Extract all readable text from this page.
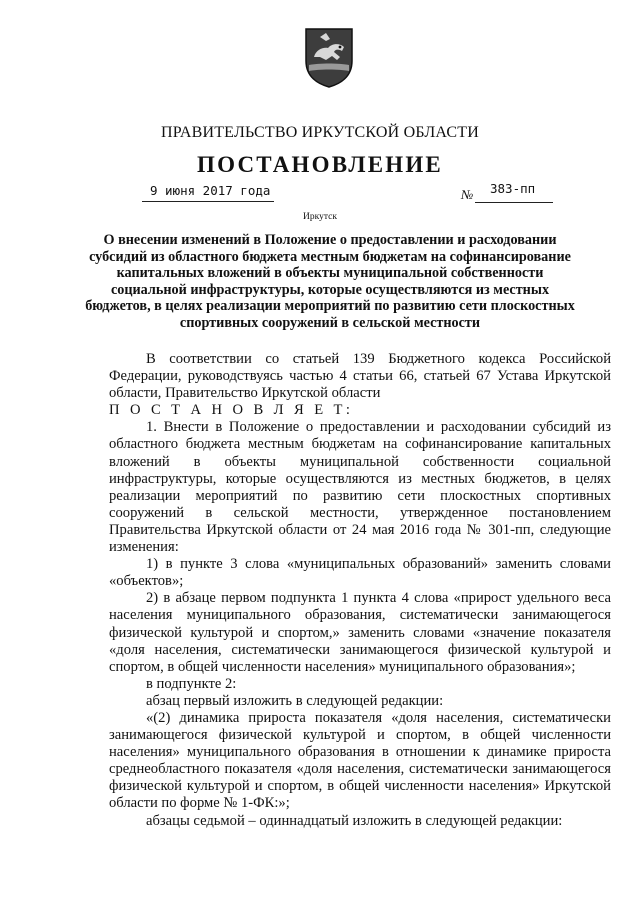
ПРАВИТЕЛЬСТВО ИРКУТСКОЙ ОБЛАСТИ
ПОСТАНОВЛЕНИЕ
9 июня 2017 года	№ 383-пп
Иркутск

О внесении изменений в Положение о предоставлении и расходовании субсидий из областного бюджета местным бюджетам на софинансирование капитальных вложений в объекты муниципальной собственности социальной инфраструктуры, которые осуществляются из местных бюджетов, в целях реализации мероприятий по развитию сети плоскостных спортивных сооружений в сельской местности

В соответствии со статьей 139 Бюджетного кодекса Российской Федерации, руководствуясь частью 4 статьи 66, статьей 67 Устава Иркутской области, Правительство Иркутской области

П О С Т А Н О В Л Я Е Т:

1. Внести в Положение о предоставлении и расходовании субсидий из областного бюджета местным бюджетам на софинансирование капитальных вложений в объекты муниципальной собственности социальной инфраструктуры, которые осуществляются из местных бюджетов, в целях реализации мероприятий по развитию сети плоскостных спортивных сооружений в сельской местности, утвержденное постановлением Правительства Иркутской области от 24 мая 2016 года № 301-пп, следующие изменения:

1) в пункте 3 слова «муниципальных образований» заменить словами «объектов»;

2) в абзаце первом подпункта 1 пункта 4 слова «прирост удельного веса населения муниципального образования, систематически занимающегося физической культурой и спортом,» заменить словами «значение показателя «доля населения, систематически занимающегося физической культурой и спортом, в общей численности населения» муниципального образования»;

в подпункте 2:

абзац первый изложить в следующей редакции:

«(2) динамика прироста показателя «доля населения, систематически занимающегося физической культурой и спортом, в общей численности населения» муниципального образования в отношении к динамике прироста среднеобластного показателя «доля населения, систематически занимающегося физической культурой и спортом, в общей численности населения» Иркутской области по форме № 1-ФК:»;

абзацы седьмой – одиннадцатый изложить в следующей редакции:
